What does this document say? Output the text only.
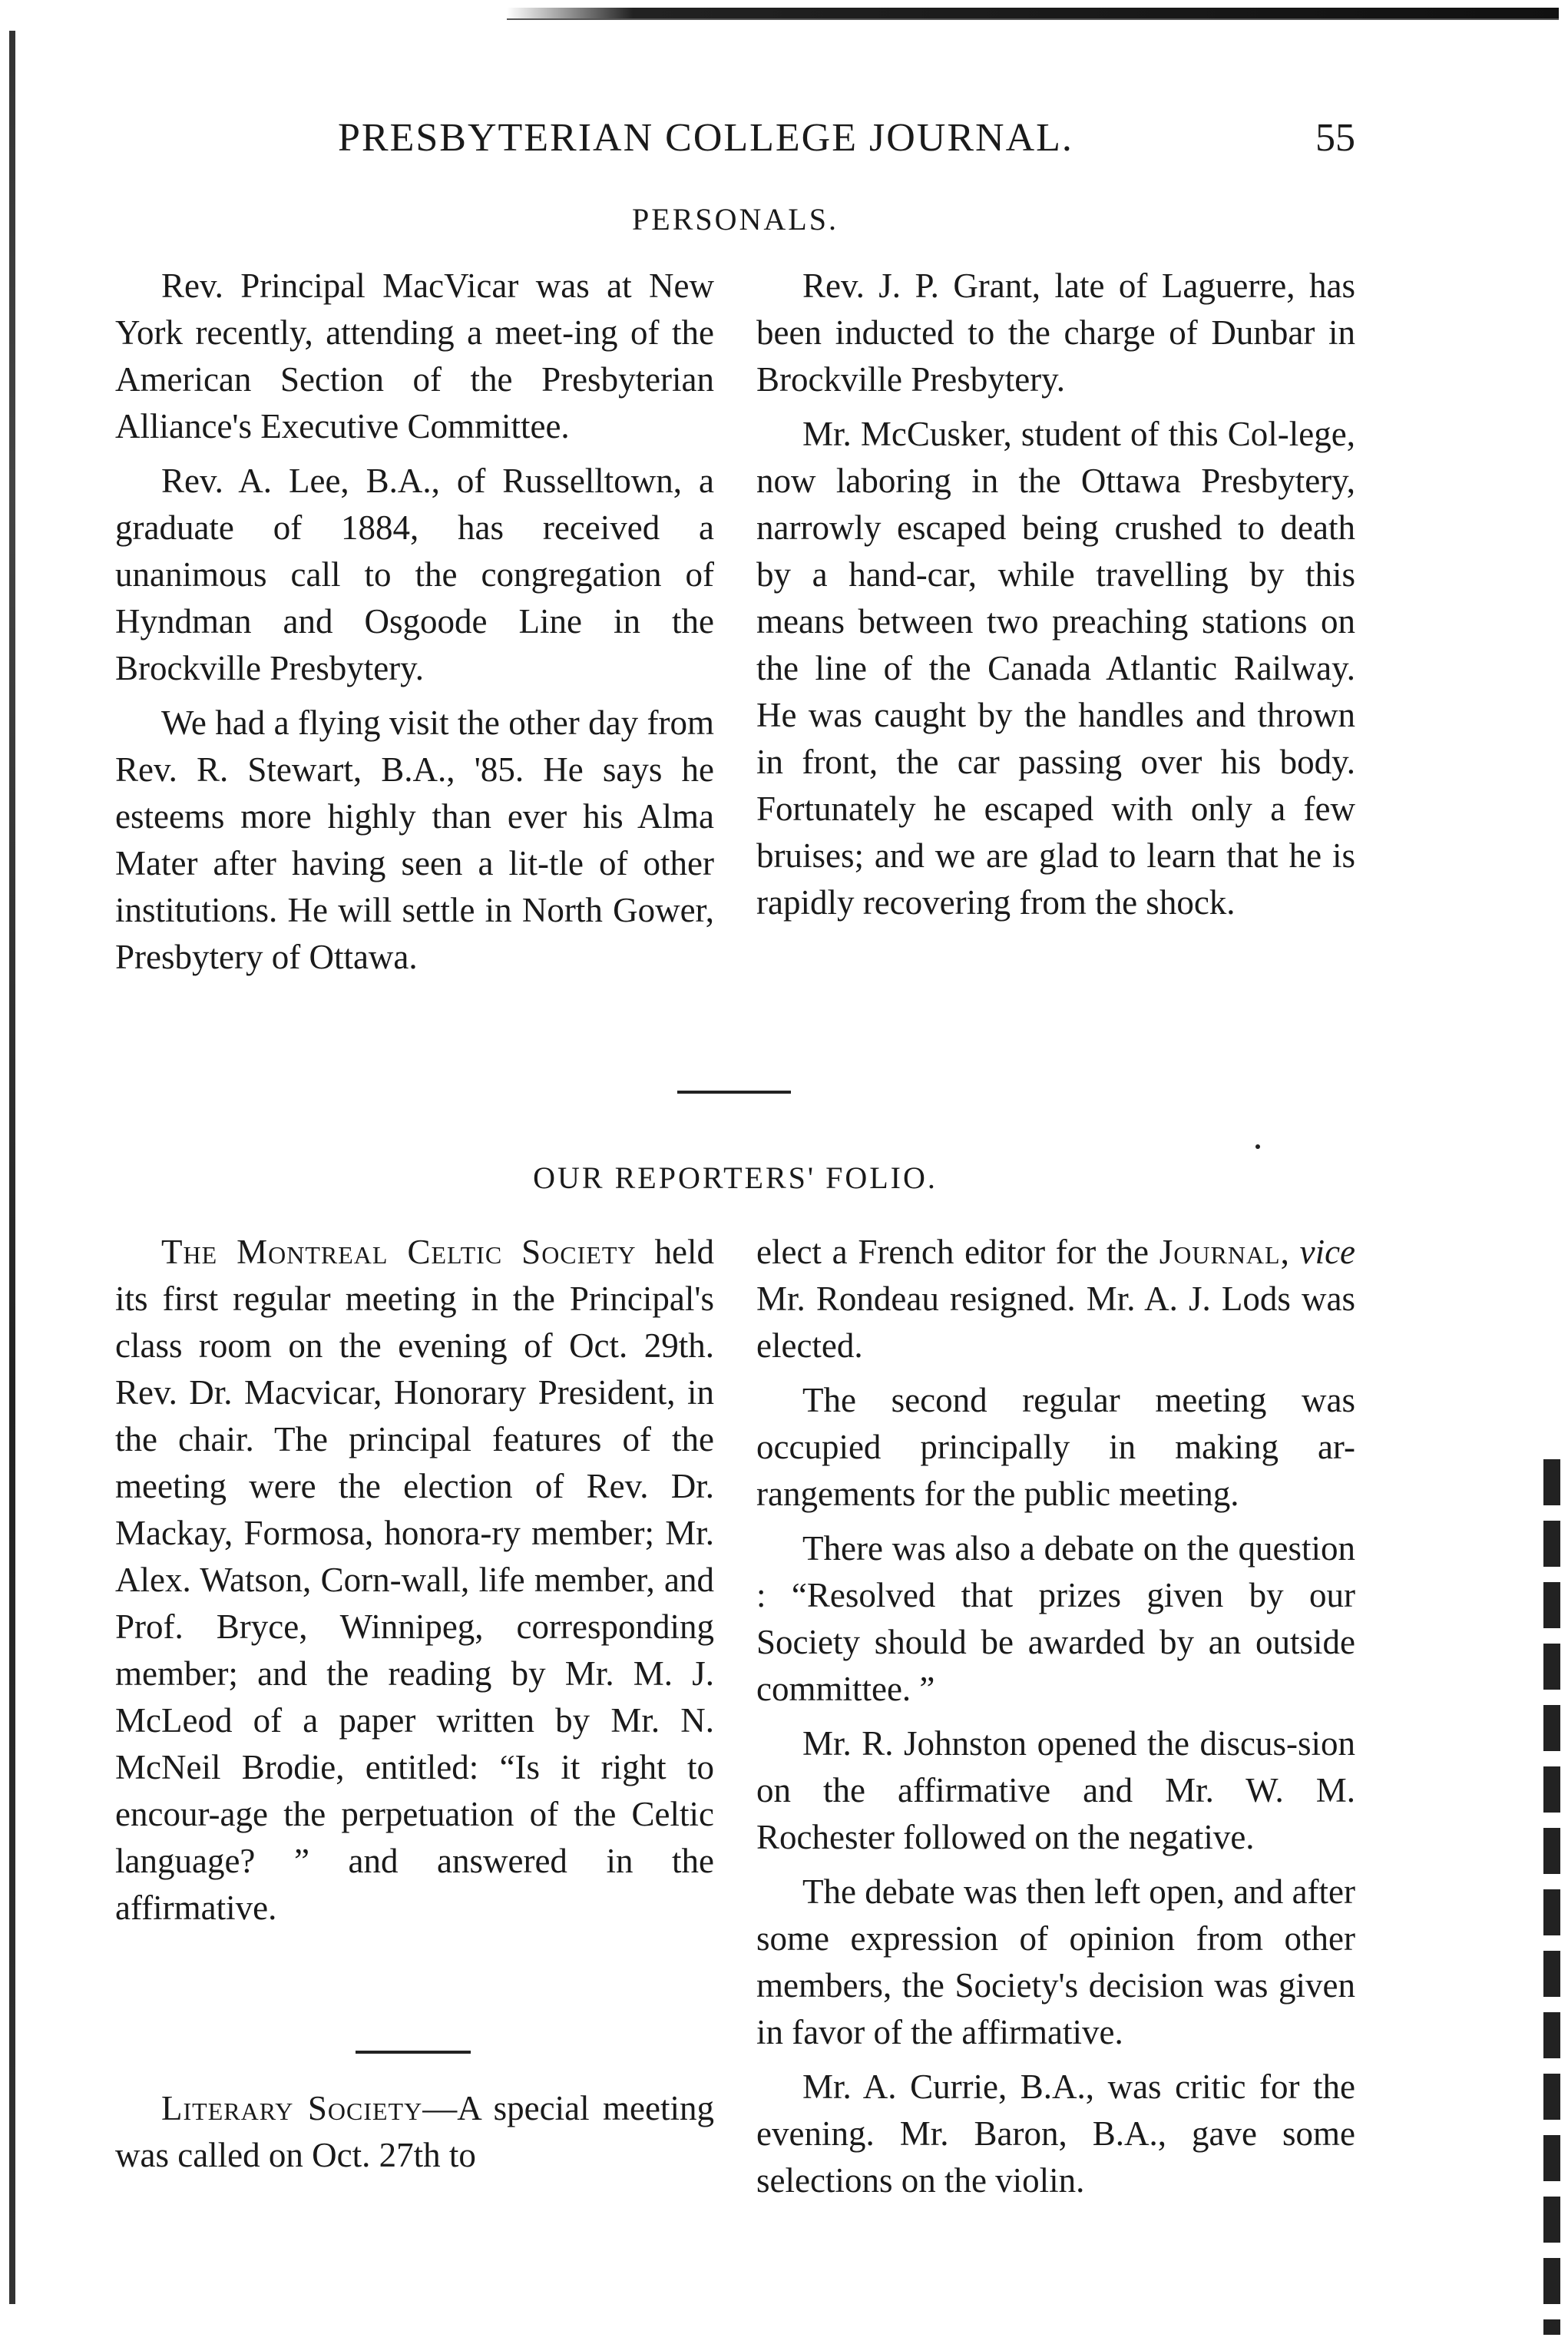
PRESBYTERIAN COLLEGE JOURNAL.	55
PERSONALS.

Rev. Principal MacVicar was at New York recently, attending a meet-ing of the American Section of the Presbyterian Alliance's Executive Committee.

Rev. A. Lee, B.A., of Russelltown, a graduate of 1884, has received a unanimous call to the congregation of Hyndman and Osgoode Line in the Brockville Presbytery.

We had a flying visit the other day from Rev. R. Stewart, B.A., '85. He says he esteems more highly than ever his Alma Mater after having seen a lit-tle of other institutions. He will settle in North Gower, Presbytery of Ottawa.

Rev. J. P. Grant, late of Laguerre, has been inducted to the charge of Dunbar in Brockville Presbytery.

Mr. McCusker, student of this Col-lege, now laboring in the Ottawa Presbytery, narrowly escaped being crushed to death by a hand-car, while travelling by this means between two preaching stations on the line of the Canada Atlantic Railway. He was caught by the handles and thrown in front, the car passing over his body. Fortunately he escaped with only a few bruises; and we are glad to learn that he is rapidly recovering from the shock.

OUR REPORTERS' FOLIO.

The Montreal Celtic Society held its first regular meeting in the Principal's class room on the evening of Oct. 29th. Rev. Dr. Macvicar, Honorary President, in the chair. The principal features of the meeting were the election of Rev. Dr. Mackay, Formosa, honora-ry member; Mr. Alex. Watson, Corn-wall, life member, and Prof. Bryce, Winnipeg, corresponding member; and the reading by Mr. M. J. McLeod of a paper written by Mr. N. McNeil Brodie, entitled: “Is it right to encour-age the perpetuation of the Celtic language? ” and answered in the affirmative.

Literary Society—A special meeting was called on Oct. 27th to

elect a French editor for the Journal, vice Mr. Rondeau resigned. Mr. A. J. Lods was elected.

The second regular meeting was occupied principally in making ar-rangements for the public meeting.

There was also a debate on the question : “Resolved that prizes given by our Society should be awarded by an outside committee. ”

Mr. R. Johnston opened the discus-sion on the affirmative and Mr. W. M. Rochester followed on the negative.

The debate was then left open, and after some expression of opinion from other members, the Society's decision was given in favor of the affirmative.

Mr. A. Currie, B.A., was critic for the evening. Mr. Baron, B.A., gave some selections on the violin.
